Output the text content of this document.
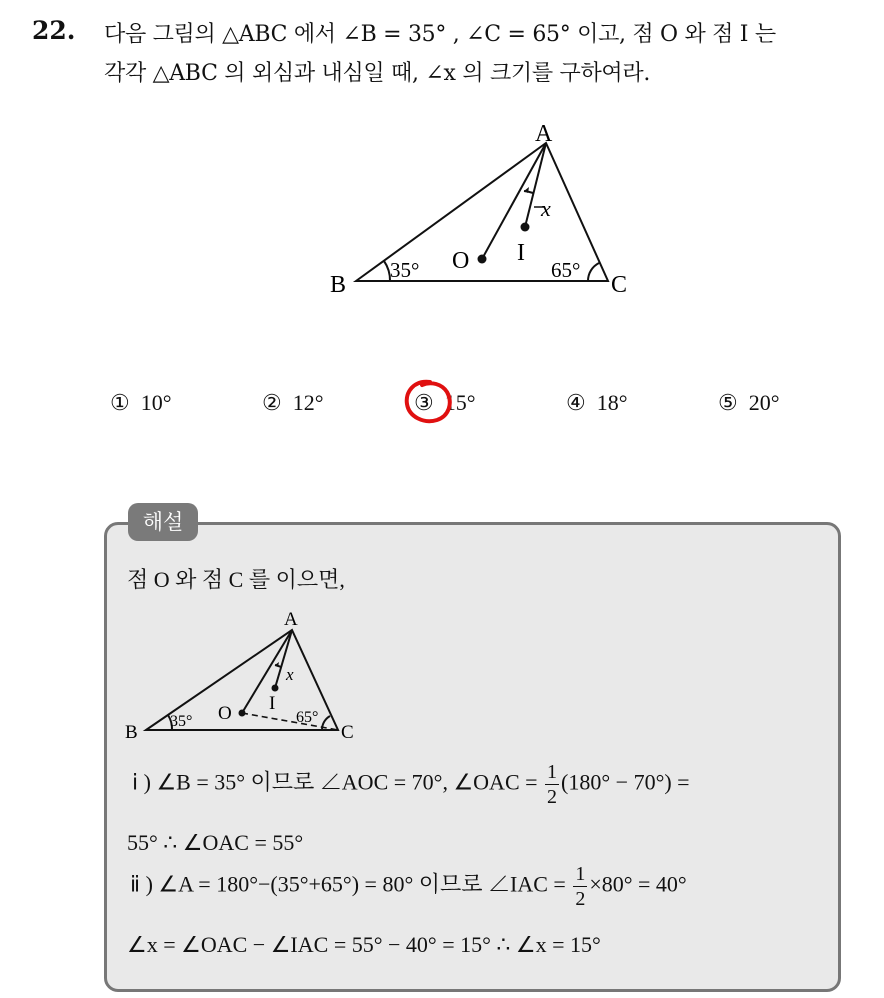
22. 다음 그림의 △ABC 에서 ∠B = 35° , ∠C = 65° 이고, 점 O 와 점 I 는
각각 △ABC 의 외심과 내심일 때, ∠x 의 크기를 구하여라.
A
B	C
O I
x
35°	65°
① 10°	② 12°	③ 15°	④ 18°	⑤ 20°
해설
점 O 와 점 C 를 이으면,
A
B	C
O I
x
35°	65°
ⅰ ) ∠B = 35° 이므로 ∠AOC = 70°, ∠OAC = $\frac{1}{2} (180^\circ - 70^\circ)$ =
55° ∴ ∠OAC = 55°
ⅱ ) ∠A = 180°−(35°+65°) = 80° 이므로 ∠IAC = $\frac{1}{2} \times 80^\circ = 40^\circ$
∠x = ∠OAC − ∠IAC = 55° − 40° = 15° ∴ ∠x = 15°
